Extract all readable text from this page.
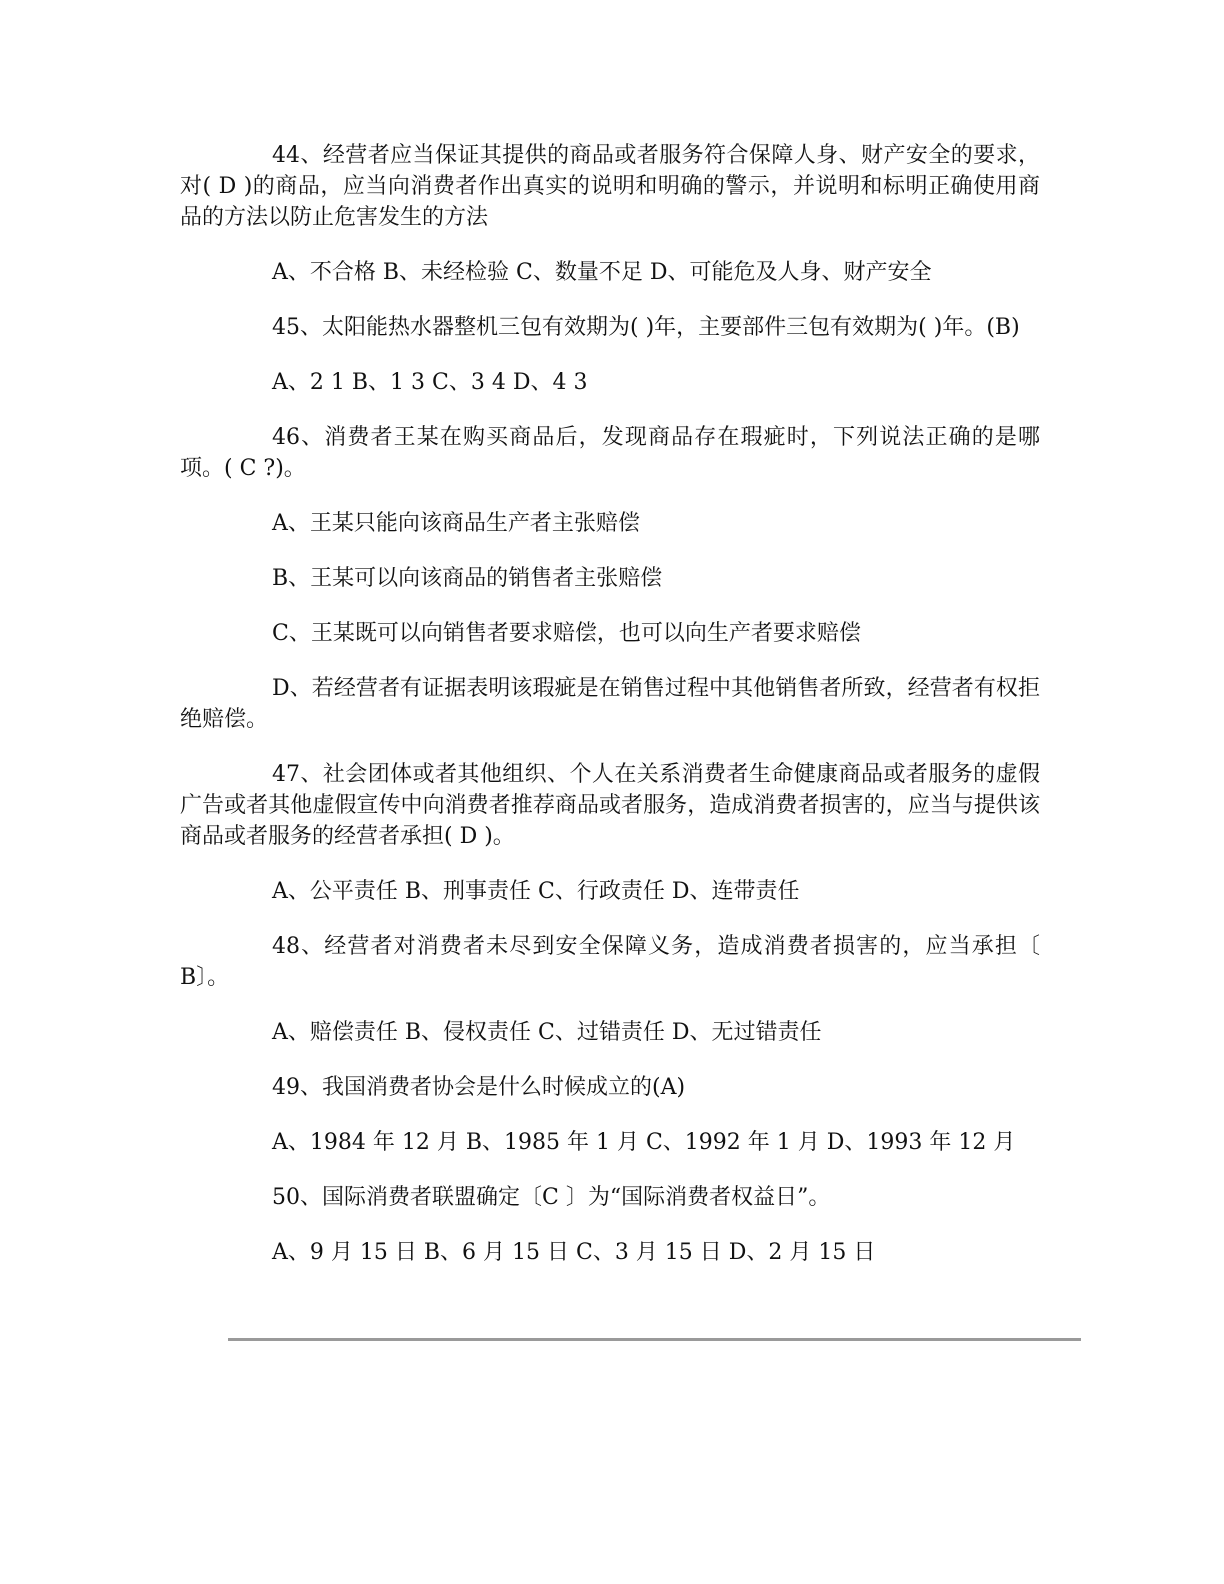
44、经营者应当保证其提供的商品或者服务符合保障人身、财产安全的要求，对( D )的商品，应当向消费者作出真实的说明和明确的警示，并说明和标明正确使用商品的方法以防止危害发生的方法

A、不合格 B、未经检验 C、数量不足 D、可能危及人身、财产安全

45、太阳能热水器整机三包有效期为( )年，主要部件三包有效期为( )年。(B)

A、2 1 B、1 3 C、3 4 D、4 3

46、消费者王某在购买商品后，发现商品存在瑕疵时，下列说法正确的是哪项。( C ?)。

A、王某只能向该商品生产者主张赔偿

B、王某可以向该商品的销售者主张赔偿

C、王某既可以向销售者要求赔偿，也可以向生产者要求赔偿

D、若经营者有证据表明该瑕疵是在销售过程中其他销售者所致，经营者有权拒绝赔偿。

47、社会团体或者其他组织、个人在关系消费者生命健康商品或者服务的虚假广告或者其他虚假宣传中向消费者推荐商品或者服务，造成消费者损害的，应当与提供该商品或者服务的经营者承担( D )。

A、公平责任 B、刑事责任 C、行政责任 D、连带责任

48、经营者对消费者未尽到安全保障义务，造成消费者损害的，应当承担〔 B〕。

A、赔偿责任 B、侵权责任 C、过错责任 D、无过错责任

49、我国消费者协会是什么时候成立的(A)

A、1984 年 12 月 B、1985 年 1 月 C、1992 年 1 月 D、1993 年 12 月

50、国际消费者联盟确定〔C 〕为“国际消费者权益日”。

A、9 月 15 日 B、6 月 15 日 C、3 月 15 日 D、2 月 15 日
